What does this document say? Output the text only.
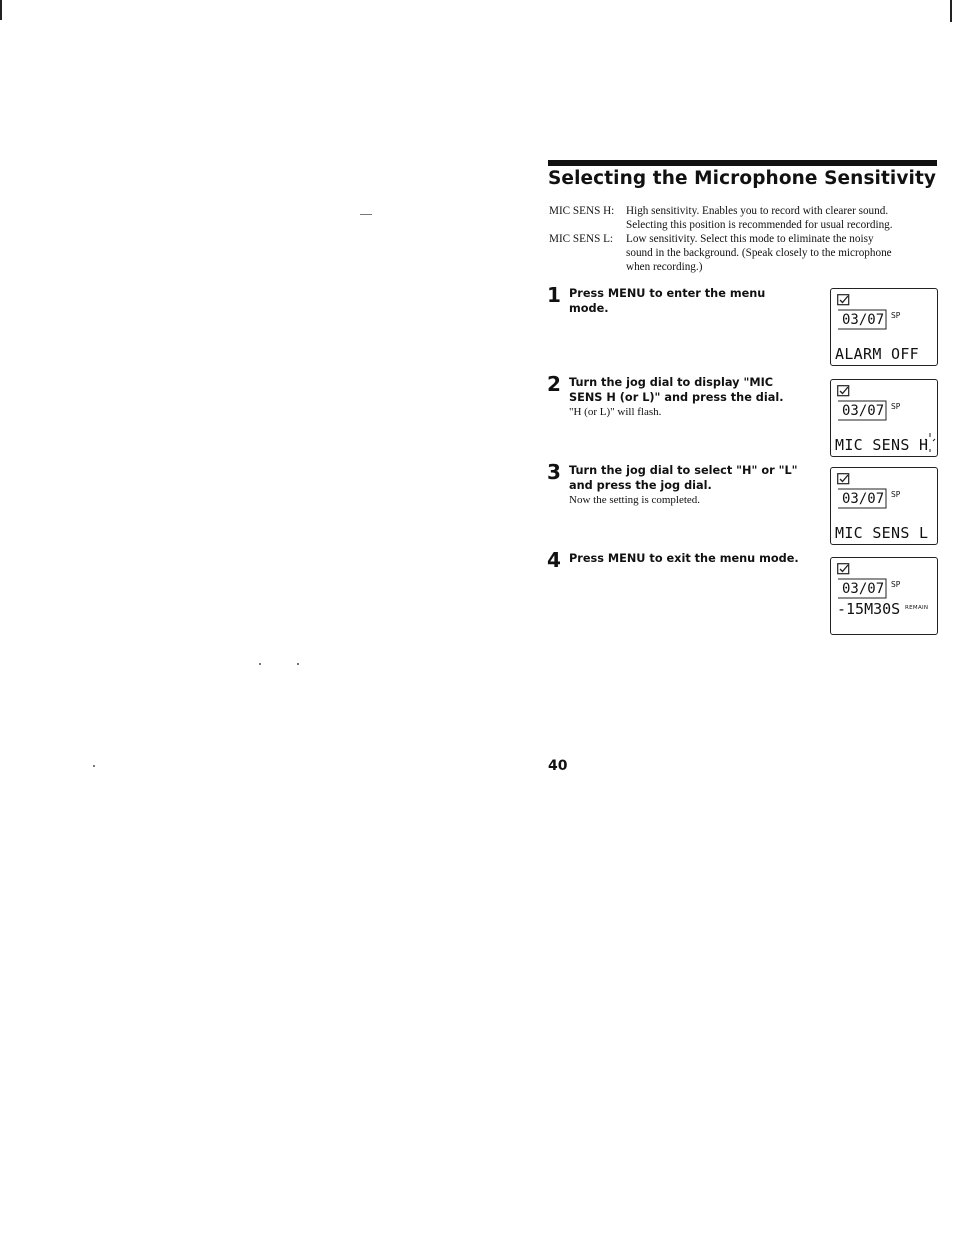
Selecting the Microphone Sensitivity
MIC SENS H:	High sensitivity. Enables you to record with clearer sound.
Selecting this position is recommended for usual recording.
MIC SENS L:	Low sensitivity. Select this mode to eliminate the noisy
sound in the background. (Speak closely to the microphone
when recording.)
1 Press MENU to enter the menu mode.
2 Turn the jog dial to display "MIC SENS H (or L)" and press the dial.
"H (or L)" will flash.
3 Turn the jog dial to select "H" or "L" and press the jog dial.
Now the setting is completed.
4 Press MENU to exit the menu mode.
03/07 SP
ALARM OFF
03/07 SP
MIC SENS H
03/07 SP
MIC SENS L
03/07 SP
-15M30S REMAIN
40
